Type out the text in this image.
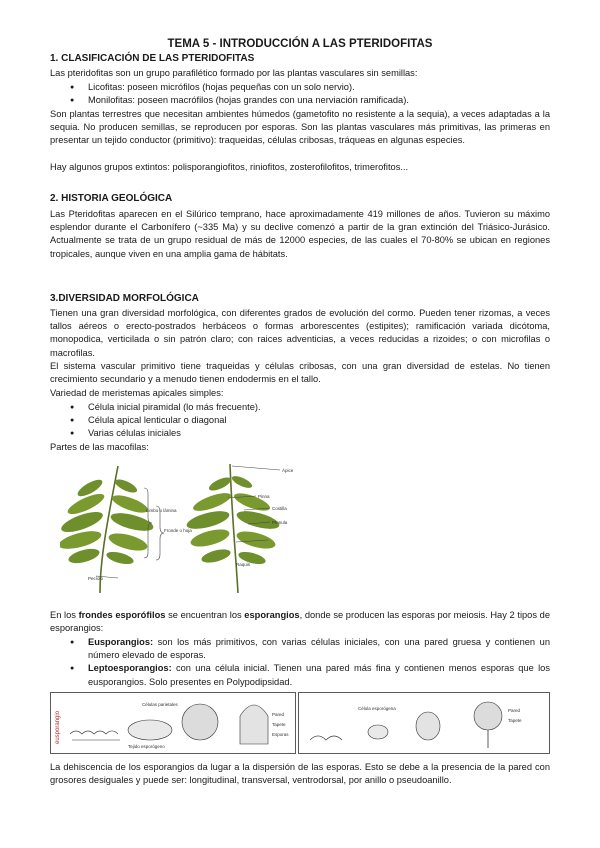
TEMA 5 - INTRODUCCIÓN A LAS PTERIDOFITAS

1. CLASIFICACIÓN DE LAS PTERIDOFITAS

Las pteridofitas son un grupo parafilético formado por las plantas vasculares sin semillas:

● Licofitas: poseen micrófilos (hojas pequeñas con un solo nervio).
● Monilofitas: poseen macrófilos (hojas grandes con una nerviación ramificada).

Son plantas terrestres que necesitan ambientes húmedos (gametofito no resistente a la sequia), a veces adaptadas a la sequia. No producen semillas, se reproducen por esporas. Son las plantas vasculares más primitivas, las primeras en presentar un tejido conductor (primitivo): traqueidas, células cribosas, tráqueas en algunas especies.

Hay algunos grupos extintos: polisporangiofitos, riniofitos, zosterofilofitos, trimerofitos...

2. HISTORIA GEOLÓGICA

Las Pteridofitas aparecen en el Silúrico temprano, hace aproximadamente 419 millones de años. Tuvieron su máximo esplendor durante el Carbonífero (~335 Ma) y su declive comenzó a partir de la gran extinción del Triásico-Jurásico. Actualmente se trata de un grupo residual de más de 12000 especies, de las cuales el 70-80% se ubican en regiones tropicales, aunque viven en una amplia gama de hábitats.

3.DIVERSIDAD MORFOLÓGICA

Tienen una gran diversidad morfológica, con diferentes grados de evolución del cormo. Pueden tener rizomas, a veces tallos aéreos o erecto-postrados herbáceos o formas arborescentes (estipites); ramificación variada dicótoma, monopodica, verticilada o sin patrón claro; con raices adventicias, a veces reducidas a rizoides; o con microfilas o macrofilas.

El sistema vascular primitivo tiene traqueidas y células cribosas, con una gran diversidad de estelas. No tienen crecimiento secundario y a menudo tienen endodermis en el tallo.

Variedad de meristemas apicales simples:

● Célula inicial piramidal (lo más frecuente).
● Célula apical lenticular o diagonal
● Varias células iniciales

Partes de las macofilas:

Limbo o lámina
Fronde o hoja
Pecíolo
Ápice
Pinna
Costilla
Pínnula
Raquis

En los frondes esporófilos se encuentran los esporangios, donde se producen las esporas por meiosis. Hay 2 tipos de esporangios:

● Eusporangios: son los más primitivos, con varias células iniciales, con una pared gruesa y contienen un número elevado de esporas.
● Leptoesporangios: con una célula inicial. Tienen una pared más fina y contienen menos esporas que los eusporangios. Solo presentes en Polypodipsidad.
eusporangio
Células parietales
Tejido esporógeno
Pared
Tapete
Esporas
Célula esporógena	Pared
Tapete

La dehiscencia de los esporangios da lugar a la dispersión de las esporas. Esto se debe a la presencia de la pared con grosores desiguales y puede ser: longitudinal, transversal, ventrodorsal, por anillo o pseudoanillo.
